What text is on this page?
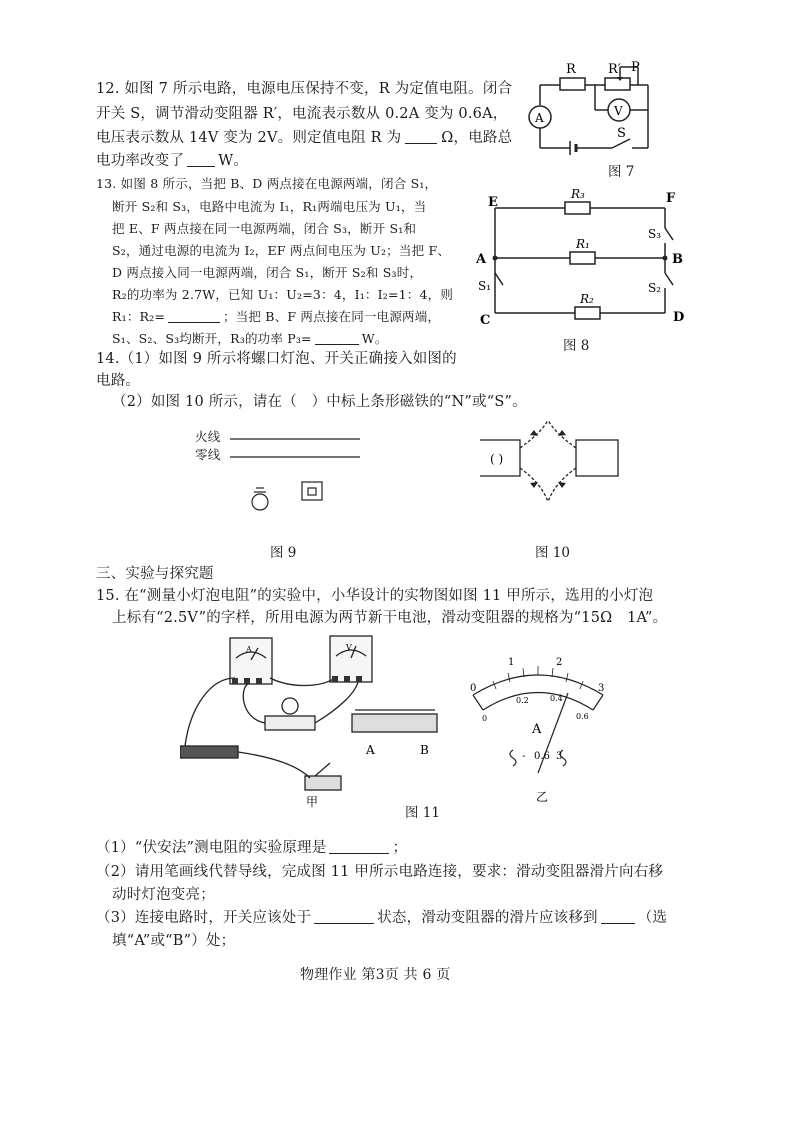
12. 如图 7 所示电路，电源电压保持不变，R 为定值电阻。闭合
开关 S，调节滑动变阻器 R′，电流表示数从 0.2A 变为 0.6A，
电压表示数从 14V 变为 2V。则定值电阻 R 为	Ω，电路总
电功率改变了 W。
R R′ P
A	V
S
图 7
13. 如图 8 所示，当把 B、D 两点接在电源两端，闭合 S₁，
断开 S₂和 S₃，电路中电流为 I₁，R₁两端电压为 U₁，当
把 E、F 两点接在同一电源两端，闭合 S₃，断开 S₁和
S₂，通过电源的电流为 I₂，EF 两点间电压为 U₂；当把 F、
D 两点接入同一电源两端，闭合 S₁，断开 S₂和 S₃时，
R₂的功率为 2.7W，已知 U₁：U₂=3：4，I₁：I₂=1：4，则
R₁：R₂=	；当把 B、F 两点接在同一电源两端，
S₁、S₂、S₃均断开，R₃的功率 P₃=	W。
E	F
A	B
C	D
R₃
R₁
R₂
S₁	S₂
S₃
图 8
14.（1）如图 9 所示将螺口灯泡、开关正确接入如图的
电路。
（2）如图 10 所示，请在（　）中标上条形磁铁的“N”或“S”。
火线
零线
图 9
( )
图 10
三、实验与探究题
15. 在“测量小灯泡电阻”的实验中，小华设计的实物图如图 11 甲所示，选用的小灯泡
上标有“2.5V”的字样，所用电源为两节新干电池，滑动变阻器的规格为“15Ω　1A”。
A	V
A	B
甲
0
1	2
3
0
0.2	0.4
0.6
A
- 0.6 3
乙
图 11
（1）“伏安法”测电阻的实验原理是	；
（2）请用笔画线代替导线，完成图 11 甲所示电路连接，要求：滑动变阻器滑片向右移
动时灯泡变亮；
（3）连接电路时，开关应该处于	状态，滑动变阻器的滑片应该移到	（选
填“A”或“B”）处；
物理作业 第3页 共 6 页
